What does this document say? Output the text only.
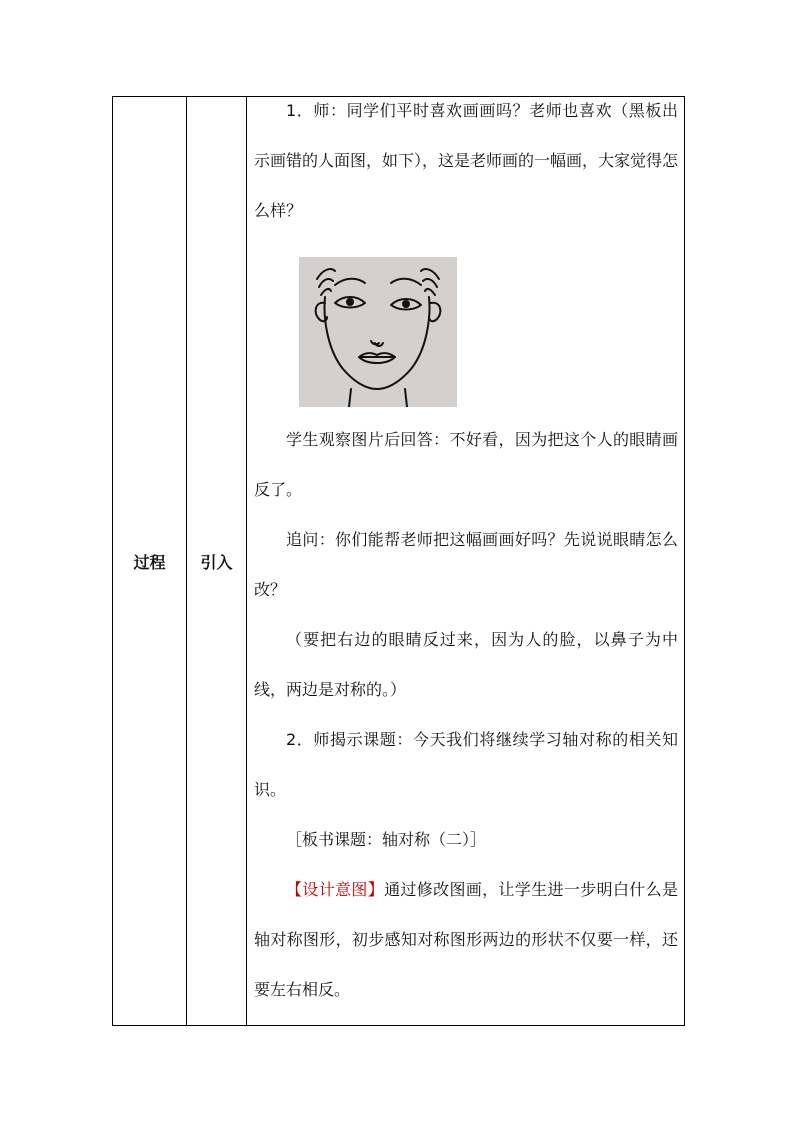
过程 引入

1．师：同学们平时喜欢画画吗？老师也喜欢（黑板出示画错的人面图，如下），这是老师画的一幅画，大家觉得怎么样？

学生观察图片后回答：不好看，因为把这个人的眼睛画反了。

追问：你们能帮老师把这幅画画好吗？先说说眼睛怎么改？

（要把右边的眼睛反过来，因为人的脸，以鼻子为中线，两边是对称的。）

2．师揭示课题：今天我们将继续学习轴对称的相关知识。

［板书课题：轴对称（二）］

【设计意图】通过修改图画，让学生进一步明白什么是轴对称图形，初步感知对称图形两边的形状不仅要一样，还要左右相反。
